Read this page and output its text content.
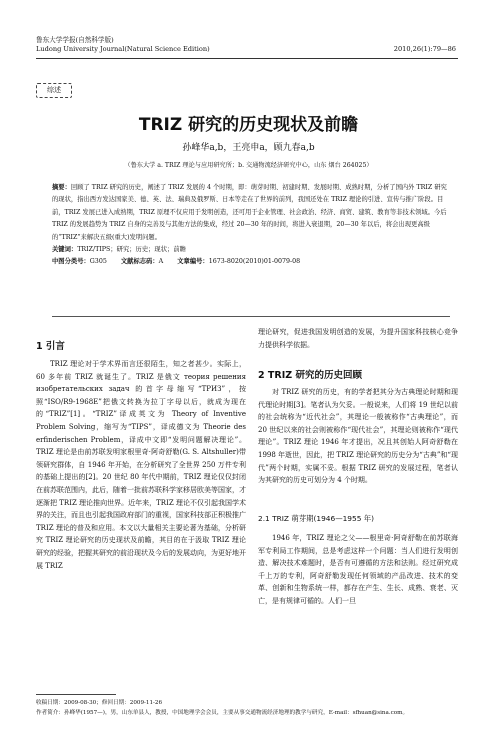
鲁东大学学报(自然科学版)
Ludong University Journal(Natural Science Edition)	2010,26(1):79—86
综述
TRIZ 研究的历史现状及前瞻
孙峰华a,b，王亮申a，顾九春a,b
（鲁东大学 a. TRIZ 理论与应用研究所；b. 交通物流经济研究中心，山东 烟台 264025）

摘要：回顾了 TRIZ 研究的历史，阐述了 TRIZ 发展的 4 个时期，即：萌芽时期、初建时期、发展时期、成熟时期，分析了国内外 TRIZ 研究的现状，指出西方发达国家美、德、英、法、瑞典及俄罗斯、日本等走在了世界的前列，我国还处在 TRIZ 理论的引进、宣传与推广阶段。目前，TRIZ 发展已进入成熟期，TRIZ 原理不仅应用于发明创造，还可用于企业管理、社会政治、经济、商贸、建筑、教育等非技术领域。今后 TRIZ 的发展趋势为 TRIZ 自身的完善及与其他方法的集成，经过 20—30 年的时间，将进入衰退期，20—30 年以后，将会出现更高级的“TRIZ”来解决五级(重大)发明问题。

关键词：TRIZ/TIPS；研究；历史；现状；前瞻

中图分类号：G305 文献标志码：A 文章编号：1673-8020(2010)01-0079-08

1 引言

TRIZ 理论对于学术界而言还很陌生，知之者甚少。实际上，60 多年前 TRIZ 就诞生了。TRIZ 是俄文 теория решения изобретательских задач 的首字母缩写“ТРИЗ”，按照“ISO/R9-1968E”把俄文转换为拉丁字母以后，就成为现在的“TRIZ”[1]。“TRIZ”译成英文为 Theory of Inventive Problem Solving，缩写为“TIPS”，译成德文为 Theorie des erfinderischen Problem，译成中文即“发明问题解决理论”。TRIZ 理论是由前苏联发明家根里奇·阿奇舒勒(G. S. Altshuller)带领研究群体，自 1946 年开始，在分析研究了全世界 250 万件专利的基础上提出的[2]。20 世纪 80 年代中期前，TRIZ 理论仅仅封闭在前苏联范围内，此后，随着一批前苏联科学家移居欧美等国家，才逐渐把 TRIZ 理论推向世界。近年来，TRIZ 理论不仅引起我国学术界的关注，而且也引起我国政府部门的重视，国家科技部正积极推广 TRIZ 理论的普及和应用。本文以大量相关主要论著为基础，分析研究 TRIZ 理论研究的历史现状及前瞻，其目的在于汲取 TRIZ 理论研究的经验，把握其研究的前沿现状及今后的发展动向，为更好地开展 TRIZ

理论研究，促进我国发明创造的发展，为提升国家科技核心竞争力提供科学依据。

2 TRIZ 研究的历史回顾

对 TRIZ 研究的历史，有的学者把其分为古典理论时期和现代理论时期[3]。笔者认为欠妥。一般说来，人们将 19 世纪以前的社会统称为“近代社会”，其理论一般被称作“古典理论”，而 20 世纪以来的社会则被称作“现代社会”，其理论则被称作“现代理论”。TRIZ 理论 1946 年才提出，况且其创始人阿奇舒勒在 1998 年逝世，因此，把 TRIZ 理论研究的历史分为“古典”和“现代”两个时期，实属不妥。根据 TRIZ 研究的发展过程，笔者认为其研究的历史可划分为 4 个时期。

2.1 TRIZ 萌芽期(1946—1955 年)

1946 年，TRIZ 理论之父——根里奇·阿奇舒勒在前苏联海军专利局工作期间，总是考虑这样一个问题：当人们进行发明创造、解决技术难题时，是否有可遵循的方法和法则。经过研究成千上万的专利，阿奇舒勒发现任何领域的产品改进、技术的变革、创新和生物系统一样，都存在产生、生长、成熟、衰老、灭亡，是有规律可循的。人们一旦

收稿日期：2009-08-30；修回日期：2009-11-26

作者简介：孙峰华(1957—)，男，山东单县人，教授，中国地理学会会员，主要从事交通物流经济地理的教学与研究，E-mail：sfhuan@sina.com。
